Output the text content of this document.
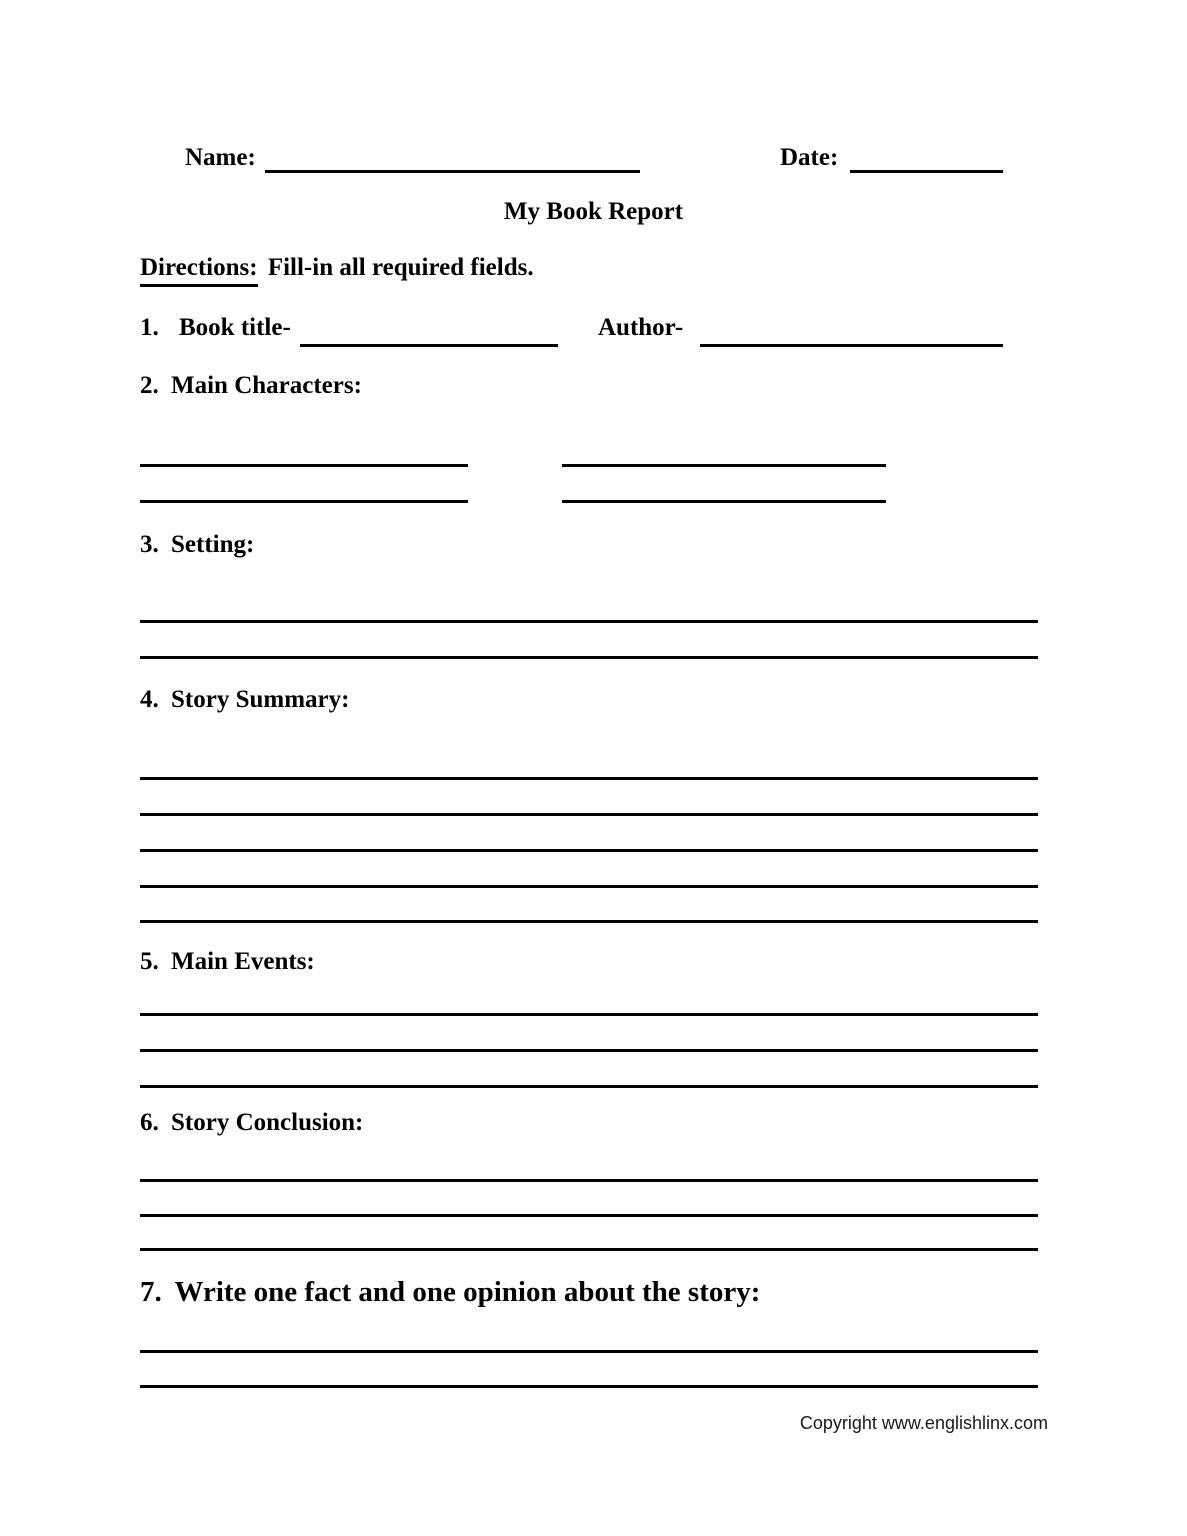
Name:	Date:
My Book Report
Directions: Fill-in all required fields.
1. Book title-	Author-
2. Main Characters:
3. Setting:
4. Story Summary:
5. Main Events:
6. Story Conclusion:
7. Write one fact and one opinion about the story:
Copyright www.englishlinx.com
